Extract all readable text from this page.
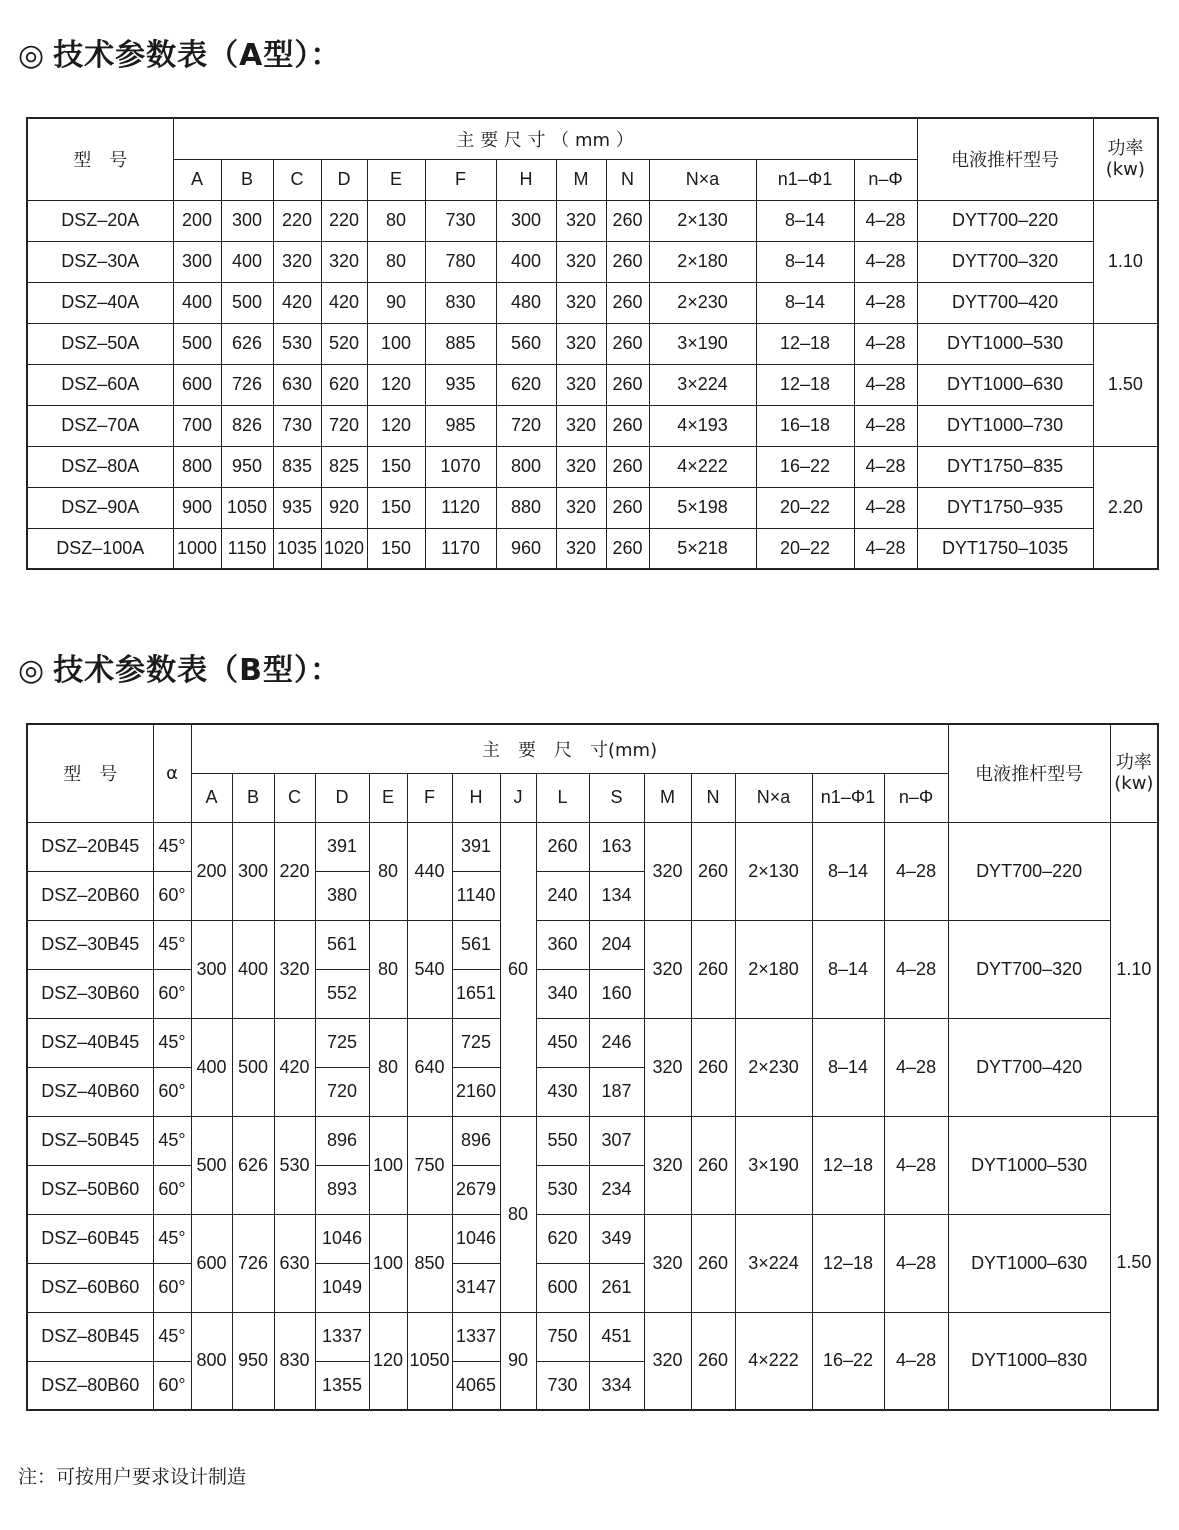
◎ 技术参数表（A型）：
型　号	主 要 尺 寸 （ mm ）												电液推杆型号	功率
(kw)
	A	B	C	D	E	F	H	M	N	N×a	n1–Φ1	n–Φ		
DSZ–20A	200	300	220	220	80	730	300	320	260	2×130	8–14	4–28	DYT700–220	1.10
DSZ–30A	300	400	320	320	80	780	400	320	260	2×180	8–14	4–28	DYT700–320	
DSZ–40A	400	500	420	420	90	830	480	320	260	2×230	8–14	4–28	DYT700–420	
DSZ–50A	500	626	530	520	100	885	560	320	260	3×190	12–18	4–28	DYT1000–530	1.50
DSZ–60A	600	726	630	620	120	935	620	320	260	3×224	12–18	4–28	DYT1000–630	
DSZ–70A	700	826	730	720	120	985	720	320	260	4×193	16–18	4–28	DYT1000–730	
DSZ–80A	800	950	835	825	150	1070	800	320	260	4×222	16–22	4–28	DYT1750–835	2.20
DSZ–90A	900	1050	935	920	150	1120	880	320	260	5×198	20–22	4–28	DYT1750–935	
DSZ–100A	1000	1150	1035	1020	150	1170	960	320	260	5×218	20–22	4–28	DYT1750–1035	
◎ 技术参数表（B型）：
型　号	α	主　要　尺　寸(mm)															电液推杆型号	功率
(kw)
		A	B	C	D	E	F	H	J	L	S	M	N	N×a	n1–Φ1	n–Φ		
DSZ–20B45	45°	200	300	220	391	80	440	391	60	260	163	320	260	2×130	8–14	4–28	DYT700–220	1.10
DSZ–20B60	60°				380			1140		240	134							
DSZ–30B45	45°	300	400	320	561	80	540	561		360	204	320	260	2×180	8–14	4–28	DYT700–320	
DSZ–30B60	60°				552			1651		340	160							
DSZ–40B45	45°	400	500	420	725	80	640	725		450	246	320	260	2×230	8–14	4–28	DYT700–420	
DSZ–40B60	60°				720			2160		430	187							
DSZ–50B45	45°	500	626	530	896	100	750	896	80	550	307	320	260	3×190	12–18	4–28	DYT1000–530	1.50
DSZ–50B60	60°				893			2679		530	234							
DSZ–60B45	45°	600	726	630	1046	100	850	1046		620	349	320	260	3×224	12–18	4–28	DYT1000–630	
DSZ–60B60	60°				1049			3147		600	261							
DSZ–80B45	45°	800	950	830	1337	120	1050	1337	90	750	451	320	260	4×222	16–22	4–28	DYT1000–830	
DSZ–80B60	60°				1355			4065		730	334							
注：可按用户要求设计制造
